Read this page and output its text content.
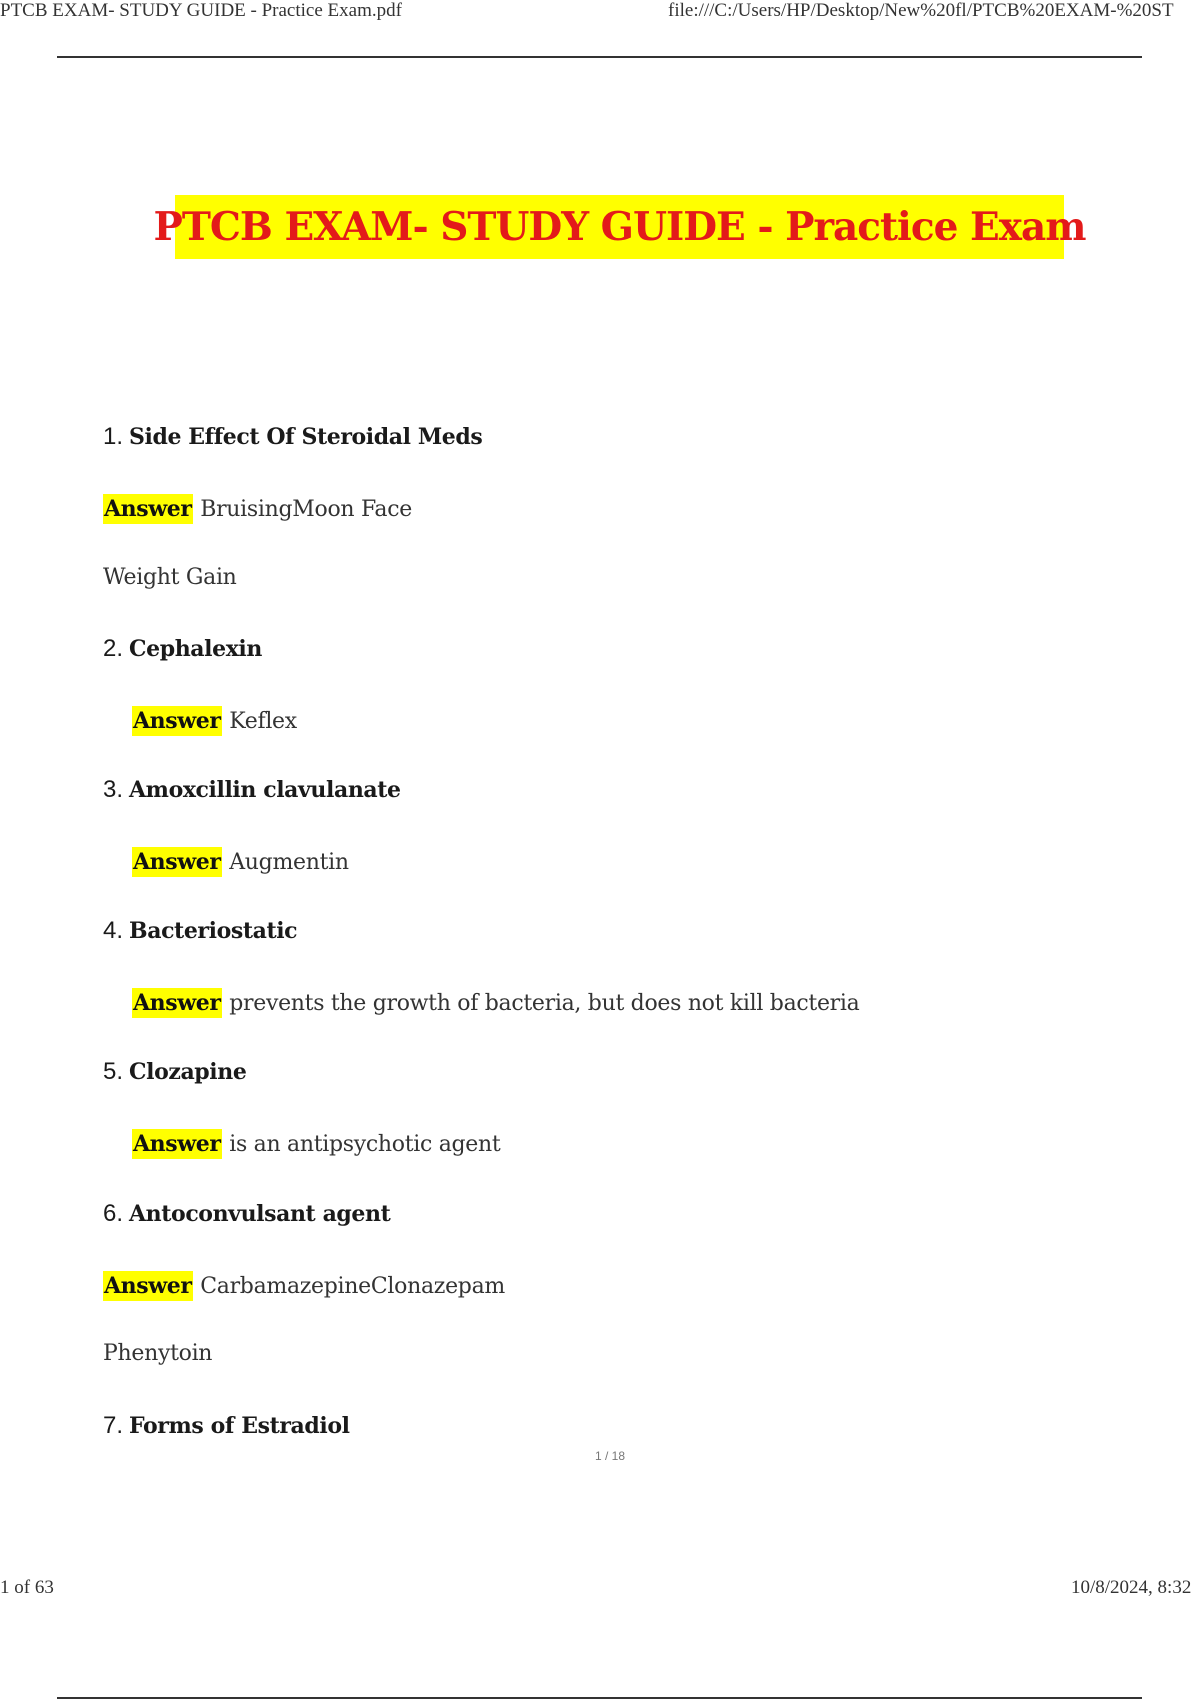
PTCB EXAM- STUDY GUIDE - Practice Exam.pdf	file:///C:/Users/HP/Desktop/New%20fl/PTCB%20EXAM-%20ST
PTCB EXAM- STUDY GUIDE - Practice Exam
1. Side Effect Of Steroidal Meds
Answer BruisingMoon Face
Weight Gain
2. Cephalexin
Answer Keflex
3. Amoxcillin clavulanate
Answer Augmentin
4. Bacteriostatic
Answer prevents the growth of bacteria, but does not kill bacteria
5. Clozapine
Answer is an antipsychotic agent
6. Antoconvulsant agent
Answer CarbamazepineClonazepam
Phenytoin
7. Forms of Estradiol
1 / 18
1 of 63	10/8/2024, 8:32
